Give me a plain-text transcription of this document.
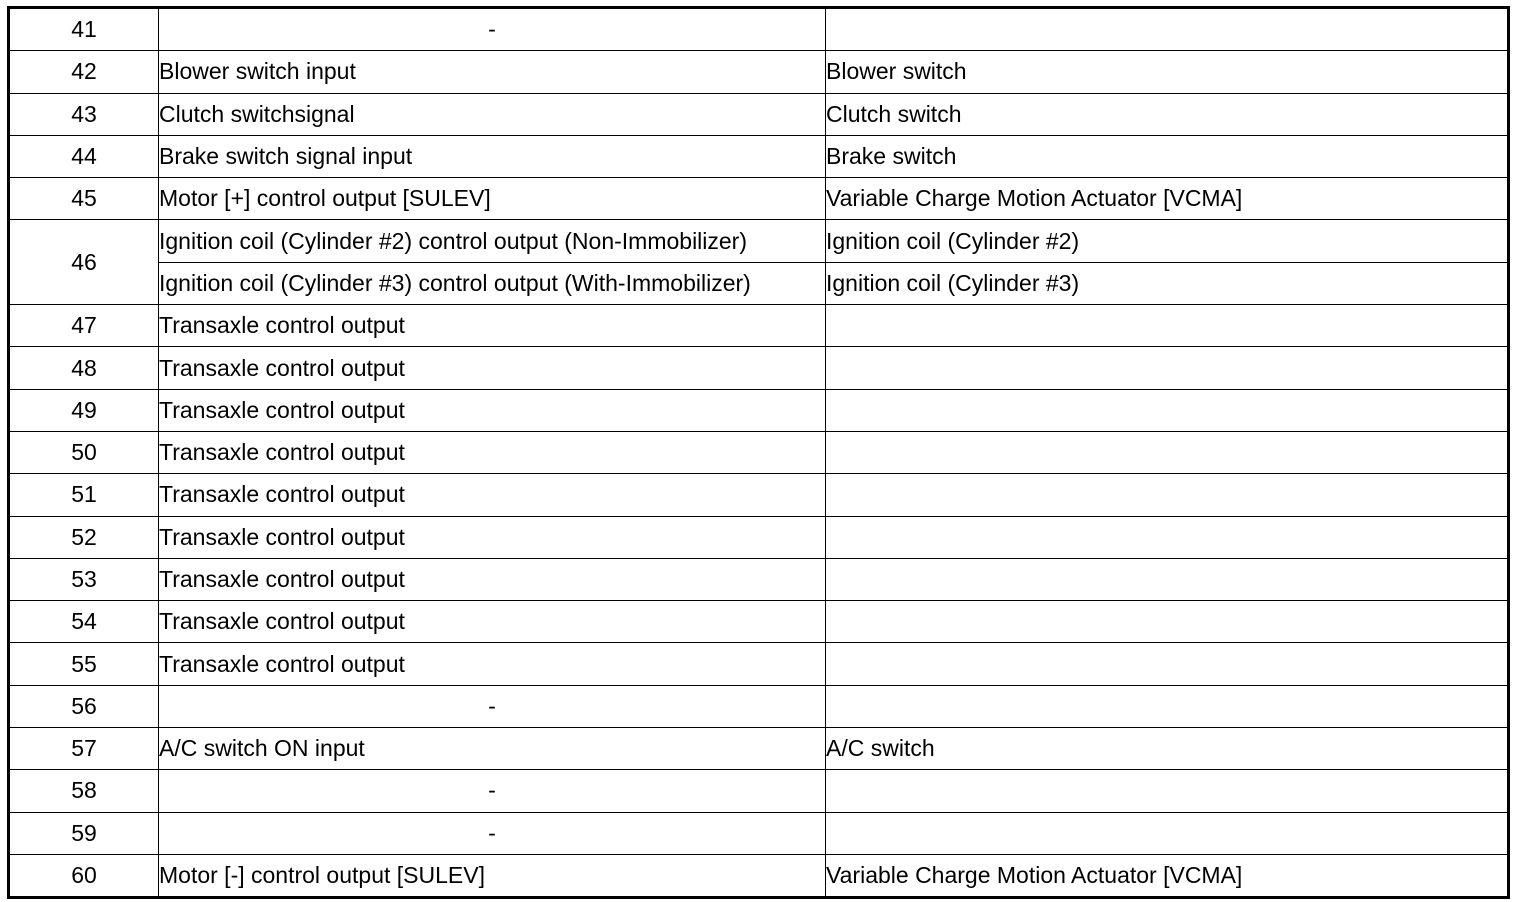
41	-	
42	Blower switch input	Blower switch
43	Clutch switchsignal	Clutch switch
44	Brake switch signal input	Brake switch
45	Motor [+] control output [SULEV]	Variable Charge Motion Actuator [VCMA]
46	Ignition coil (Cylinder #2) control output (Non-Immobilizer)	Ignition coil (Cylinder #2)
	Ignition coil (Cylinder #3) control output (With-Immobilizer)	Ignition coil (Cylinder #3)
47	Transaxle control output	
48	Transaxle control output	
49	Transaxle control output	
50	Transaxle control output	
51	Transaxle control output	
52	Transaxle control output	
53	Transaxle control output	
54	Transaxle control output	
55	Transaxle control output	
56	-	
57	A/C switch ON input	A/C switch
58	-	
59	-	
60	Motor [-] control output [SULEV]	Variable Charge Motion Actuator [VCMA]
